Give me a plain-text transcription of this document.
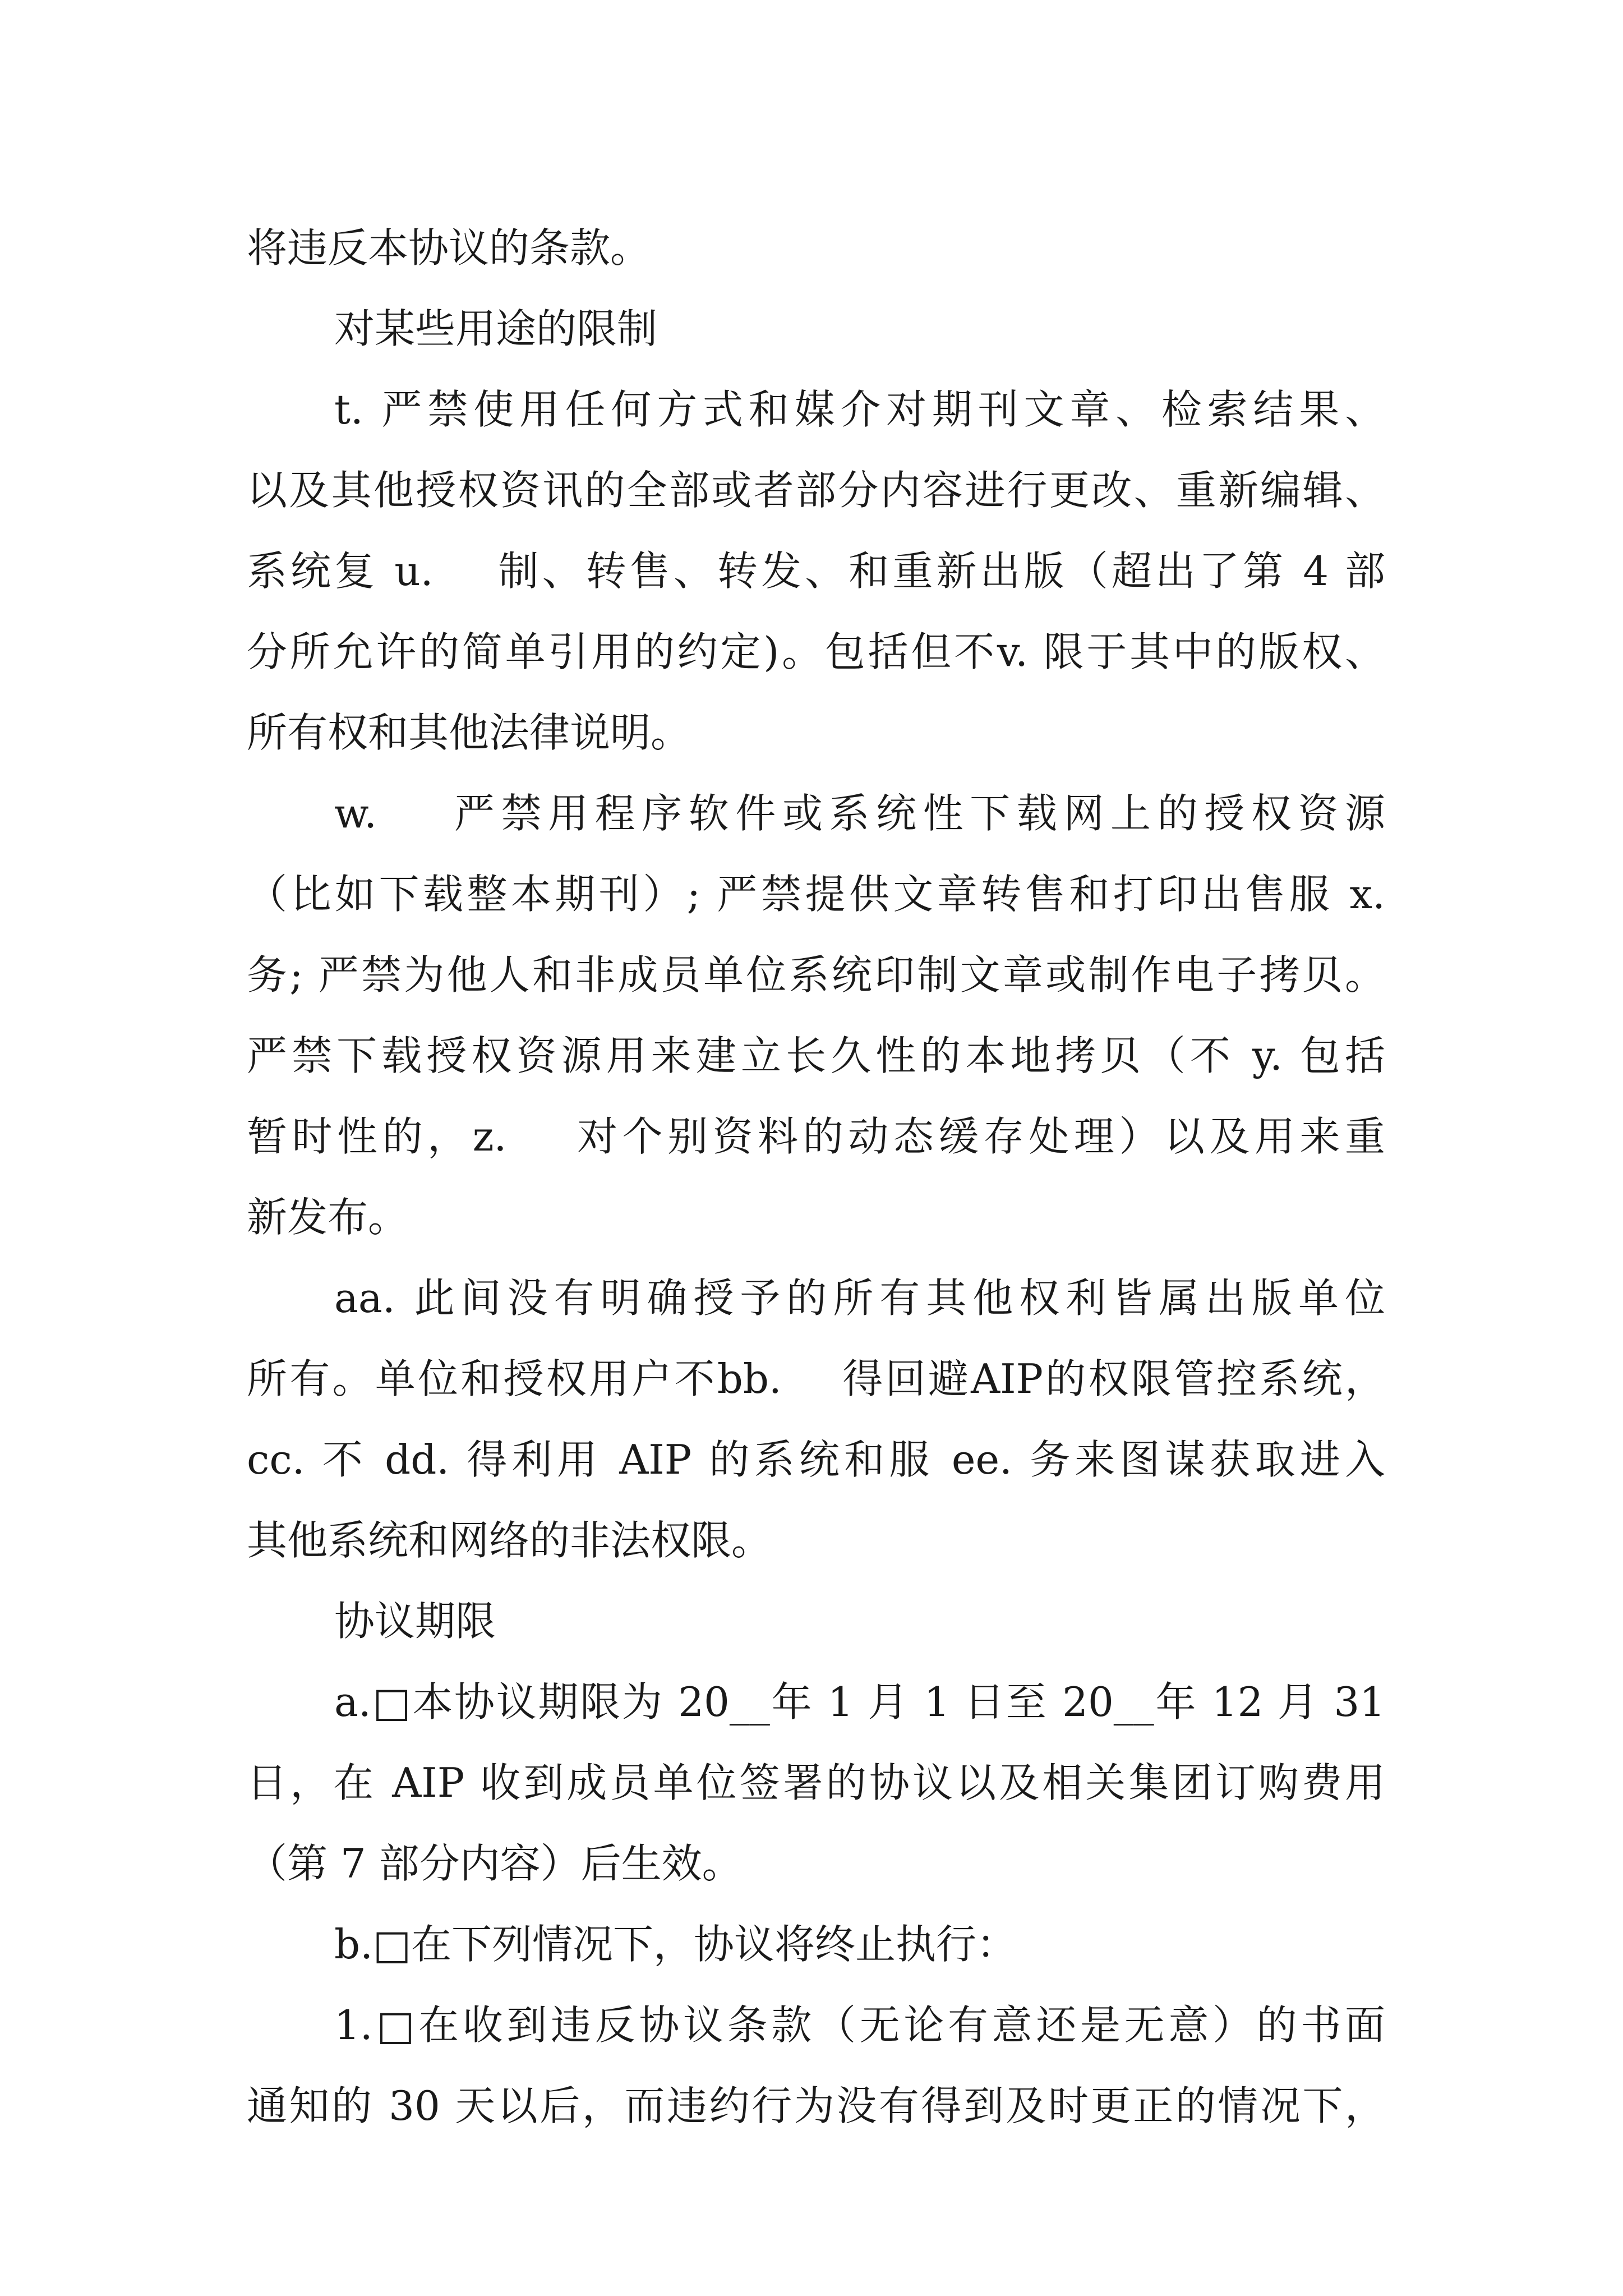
将违反本协议的条款。
对某些用途的限制
t. 严禁使用任何方式和媒介对期刊文章、检索结果、
以及其他授权资讯的全部或者部分内容进行更改、重新编辑、
系统复 u.    制、转售、转发、和重新出版（超出了第 4 部
分所允许的简单引用的约定)。包括但不v. 限于其中的版权、
所有权和其他法律说明。
w.    严禁用程序软件或系统性下载网上的授权资源
（比如下载整本期刊）; 严禁提供文章转售和打印出售服 x.
务; 严禁为他人和非成员单位系统印制文章或制作电子拷贝。
严禁下载授权资源用来建立长久性的本地拷贝（不 y. 包括
暂时性的，z.    对个别资料的动态缓存处理）以及用来重
新发布。
aa. 此间没有明确授予的所有其他权利皆属出版单位
所有。单位和授权用户不bb.    得回避AIP的权限管控系统，
cc. 不 dd. 得利用 AIP 的系统和服 ee. 务来图谋获取进入
其他系统和网络的非法权限。
协议期限
a.□本协议期限为 20__年 1 月 1 日至 20__年 12 月 31
日，在 AIP 收到成员单位签署的协议以及相关集团订购费用
（第 7 部分内容）后生效。
b.□在下列情况下，协议将终止执行：
1.□在收到违反协议条款（无论有意还是无意）的书面
通知的 30 天以后，而违约行为没有得到及时更正的情况下，
